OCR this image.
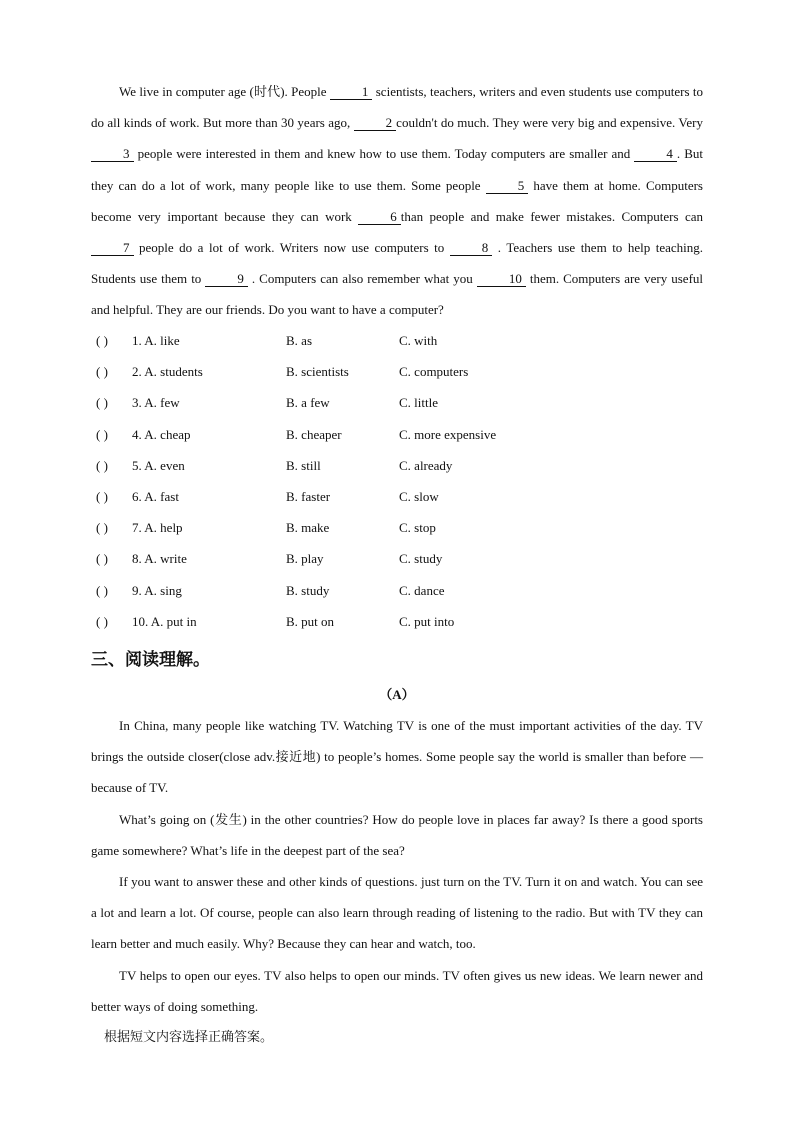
We live in computer age (时代). People 1 scientists, teachers, writers and even students use computers to do all kinds of work. But more than 30 years ago, 2 couldn't do much. They were very big and expensive. Very 3 people were interested in them and knew how to use them. Today computers are smaller and 4 . But they can do a lot of work, many people like to use them. Some people 5 have them at home. Computers become very important because they can work 6 than people and make fewer mistakes. Computers can 7 people do a lot of work. Writers now use computers to 8 . Teachers use them to help teaching. Students use them to 9 . Computers can also remember what you 10 them. Computers are very useful and helpful. They are our friends. Do you want to have a computer?

( ) 1. A. like	B. as	C. with
( ) 2. A. students	B. scientists	C. computers
( ) 3. A. few	B. a few	C. little
( ) 4. A. cheap	B. cheaper	C. more expensive
( ) 5. A. even	B. still	C. already
( ) 6. A. fast	B. faster	C. slow
( ) 7. A. help	B. make	C. stop
( ) 8. A. write	B. play	C. study
( ) 9. A. sing	B. study	C. dance
( ) 10. A. put in	B. put on	C. put into
三、阅读理解。

（A）

In China, many people like watching TV. Watching TV is one of the must important activities of the day. TV brings the outside closer(close adv.接近地) to people’s homes. Some people say the world is smaller than before — because of TV.

What’s going on (发生) in the other countries? How do people love in places far away? Is there a good sports game somewhere? What’s life in the deepest part of the sea?

If you want to answer these and other kinds of questions. just turn on the TV. Turn it on and watch. You can see a lot and learn a lot. Of course, people can also learn through reading of listening to the radio. But with TV they can learn better and much easily. Why? Because they can hear and watch, too.

TV helps to open our eyes. TV also helps to open our minds. TV often gives us new ideas. We learn newer and better ways of doing something.

根据短文内容选择正确答案。
